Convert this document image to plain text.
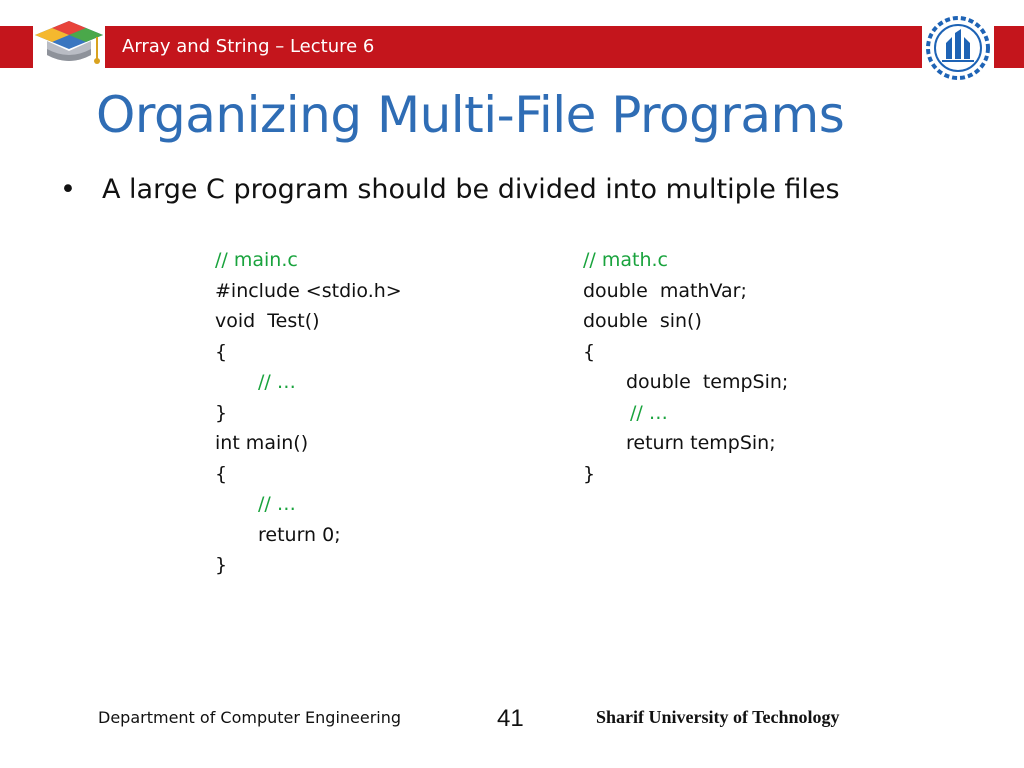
Array and String – Lecture 6
Organizing Multi-File Programs
• A large C program should be divided into multiple files
// main.c
#include <stdio.h>
void  Test()
{
// …
}
int main()
{
// …
return 0;
}
// math.c
double  mathVar;
double  sin()
{
double  tempSin;
// …
return tempSin;
}
Department of Computer Engineering	41	Sharif University of Technology
